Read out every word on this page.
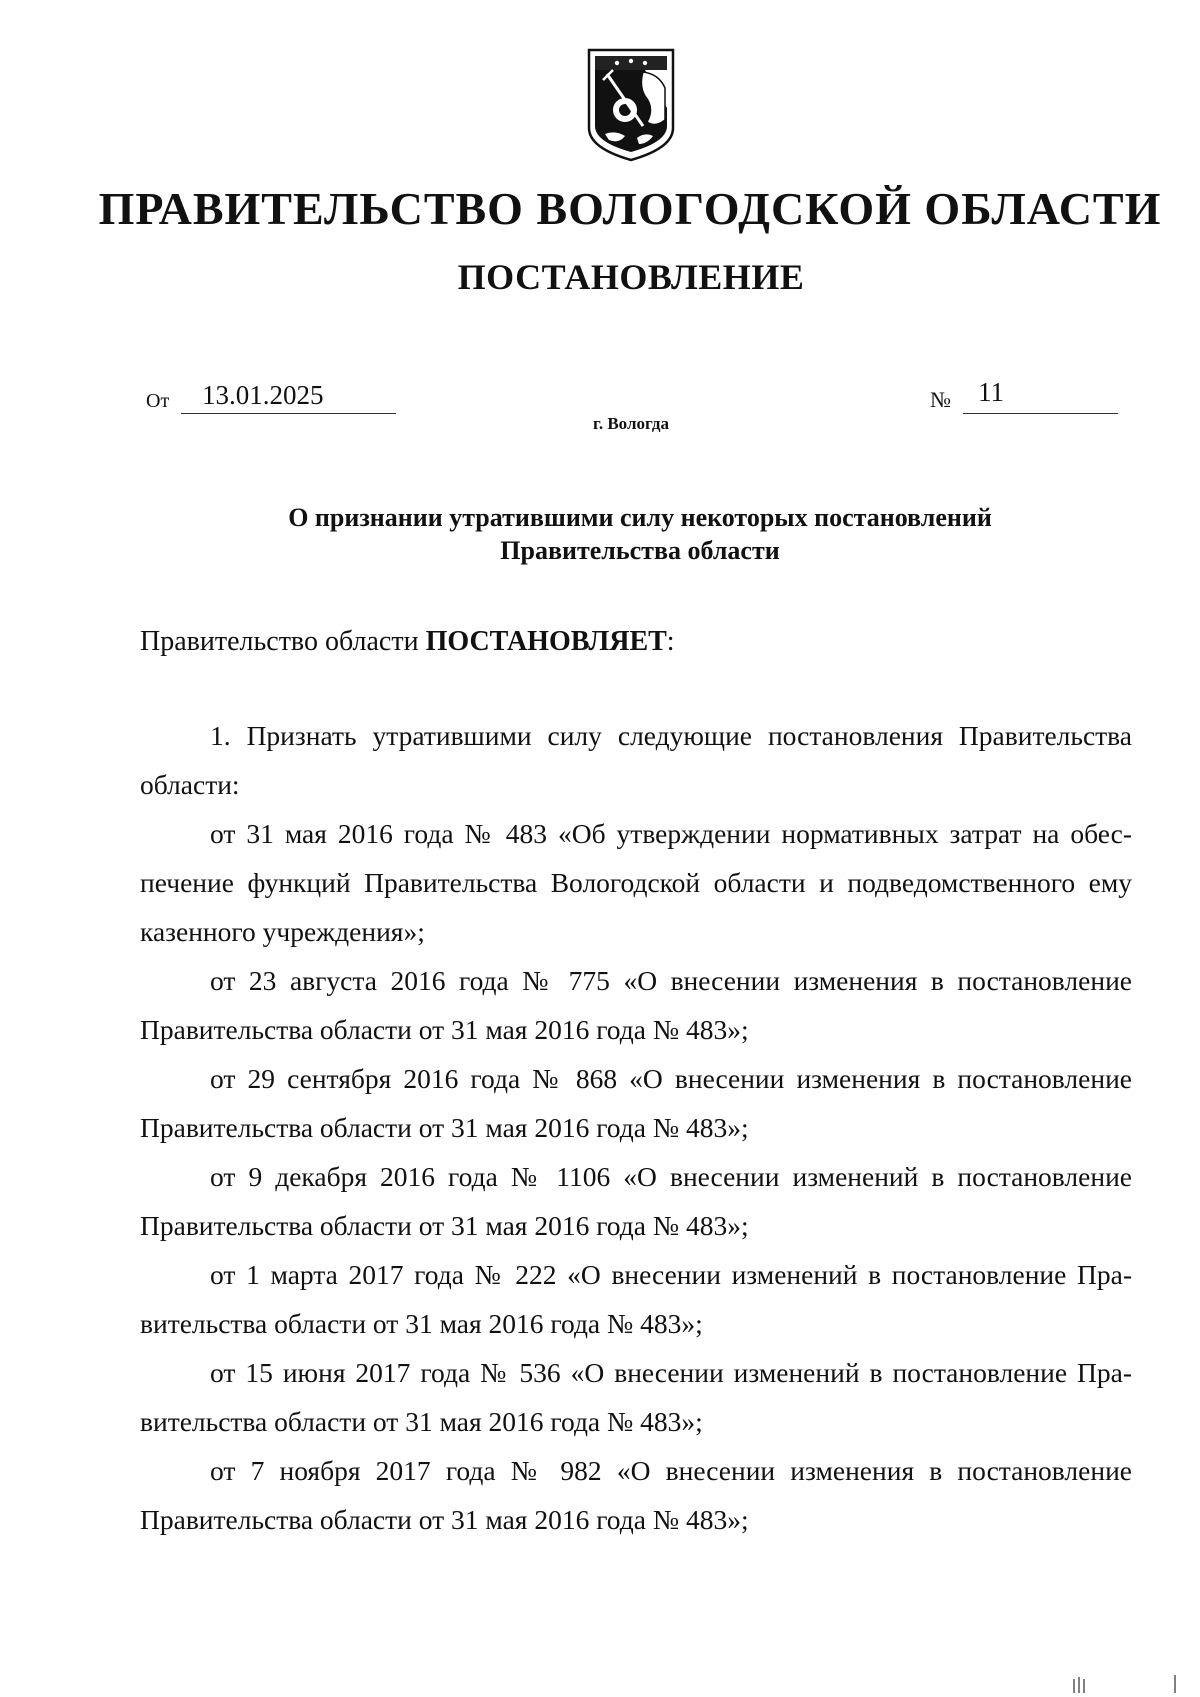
ПРАВИТЕЛЬСТВО ВОЛОГОДСКОЙ ОБЛАСТИ
ПОСТАНОВЛЕНИЕ
От 13.01.2025	№ 11
г. Вологда
О признании утратившими силу некоторых постановлений
Правительства области
Правительство области ПОСТАНОВЛЯЕТ:

1. Признать утратившими силу следующие постановления Правительства области:

от 31 мая 2016 года № 483 «Об утверждении нормативных затрат на обеспечение функций Правительства Вологодской области и подведомственного ему казенного учреждения»;

от 23 августа 2016 года № 775 «О внесении изменения в постановление Правительства области от 31 мая 2016 года № 483»;

от 29 сентября 2016 года № 868 «О внесении изменения в постановление Правительства области от 31 мая 2016 года № 483»;

от 9 декабря 2016 года № 1106 «О внесении изменений в постановление Правительства области от 31 мая 2016 года № 483»;

от 1 марта 2017 года № 222 «О внесении изменений в постановление Правительства области от 31 мая 2016 года № 483»;

от 15 июня 2017 года № 536 «О внесении изменений в постановление Правительства области от 31 мая 2016 года № 483»;

от 7 ноября 2017 года № 982 «О внесении изменения в постановление Правительства области от 31 мая 2016 года № 483»;
